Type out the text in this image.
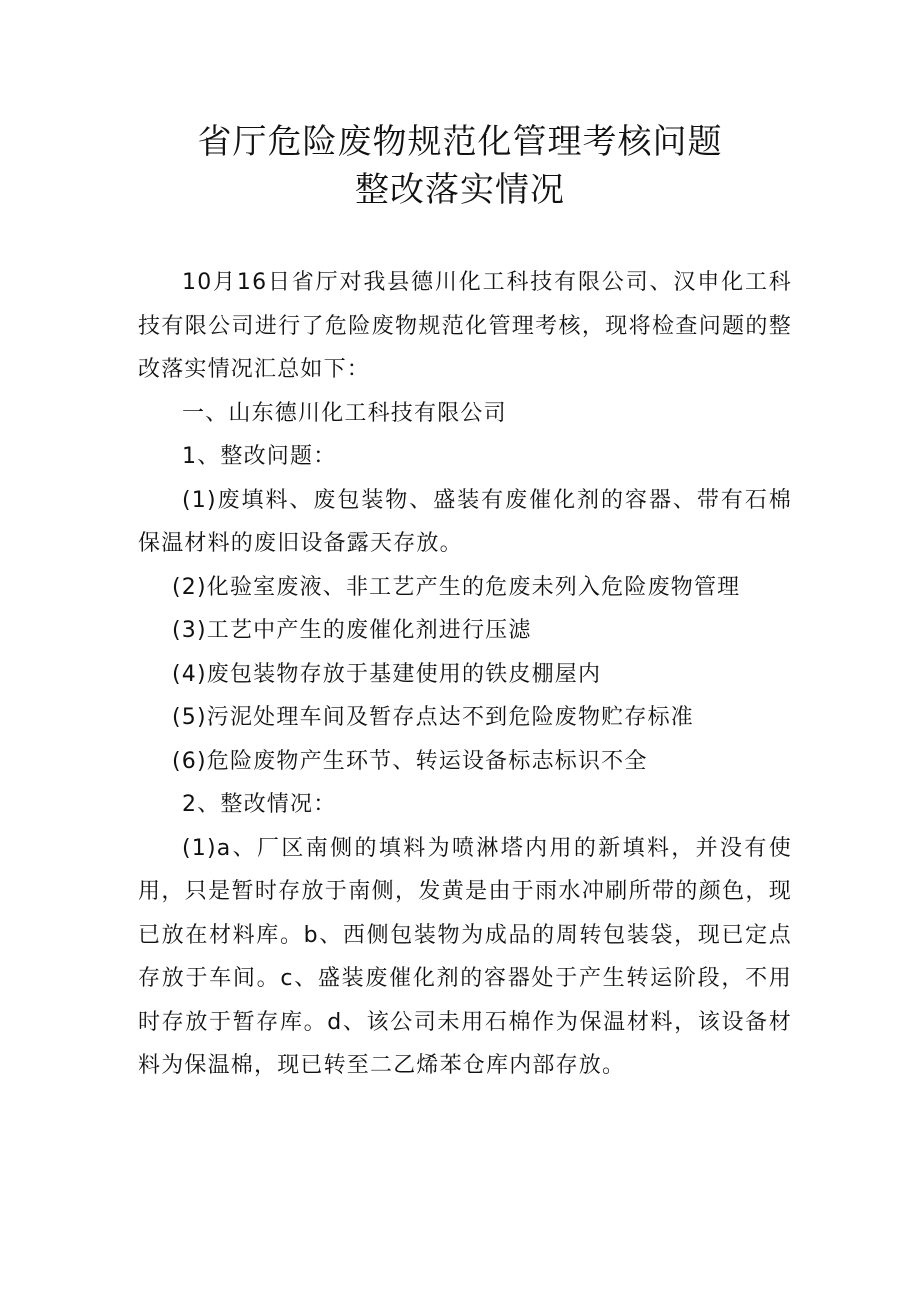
省厅危险废物规范化管理考核问题
整改落实情况

10月16日省厅对我县德川化工科技有限公司、汉申化工科技有限公司进行了危险废物规范化管理考核，现将检查问题的整改落实情况汇总如下：

一、山东德川化工科技有限公司

1、整改问题：

(1)废填料、废包装物、盛装有废催化剂的容器、带有石棉保温材料的废旧设备露天存放。

(2)化验室废液、非工艺产生的危废未列入危险废物管理

(3)工艺中产生的废催化剂进行压滤

(4)废包装物存放于基建使用的铁皮棚屋内

(5)污泥处理车间及暂存点达不到危险废物贮存标准

(6)危险废物产生环节、转运设备标志标识不全

2、整改情况：

(1)a、厂区南侧的填料为喷淋塔内用的新填料，并没有使用，只是暂时存放于南侧，发黄是由于雨水冲刷所带的颜色，现已放在材料库。b、西侧包装物为成品的周转包装袋，现已定点存放于车间。c、盛装废催化剂的容器处于产生转运阶段，不用时存放于暂存库。d、该公司未用石棉作为保温材料，该设备材料为保温棉，现已转至二乙烯苯仓库内部存放。
